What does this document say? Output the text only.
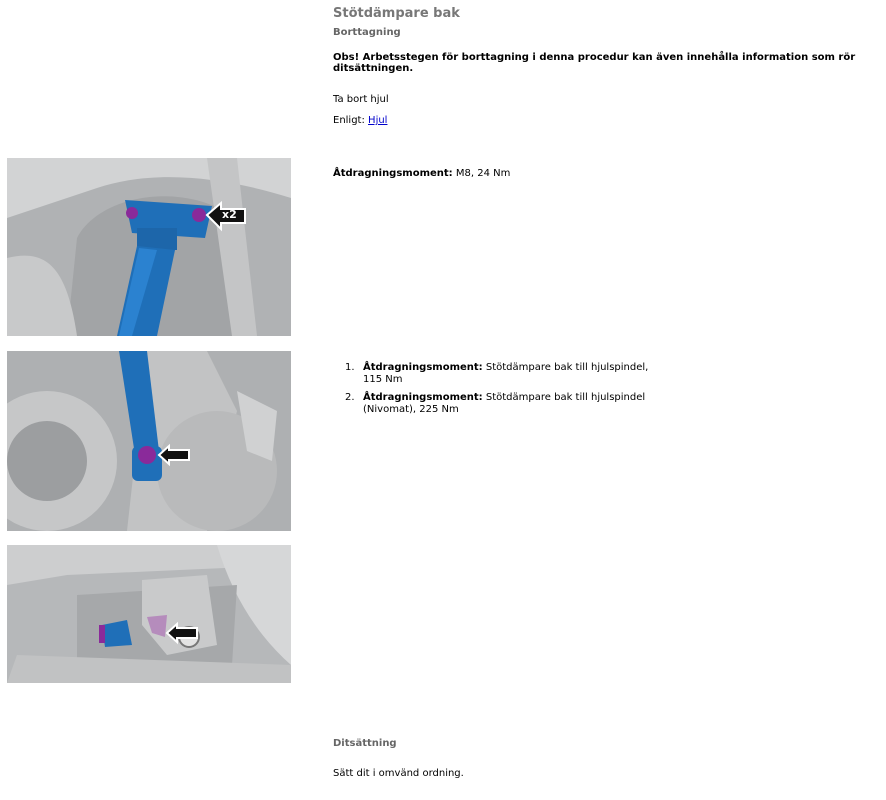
Stötdämpare bak
Borttagning
Obs! Arbetsstegen för borttagning i denna procedur kan även innehålla information som rör ditsättningen.
Ta bort hjul
Enligt: Hjul
x2
Åtdragningsmoment: M8, 24 Nm
1. Åtdragningsmoment: Stötdämpare bak till hjulspindel, 115 Nm
2. Åtdragningsmoment: Stötdämpare bak till hjulspindel (Nivomat), 225 Nm
Ditsättning
Sätt dit i omvänd ordning.
